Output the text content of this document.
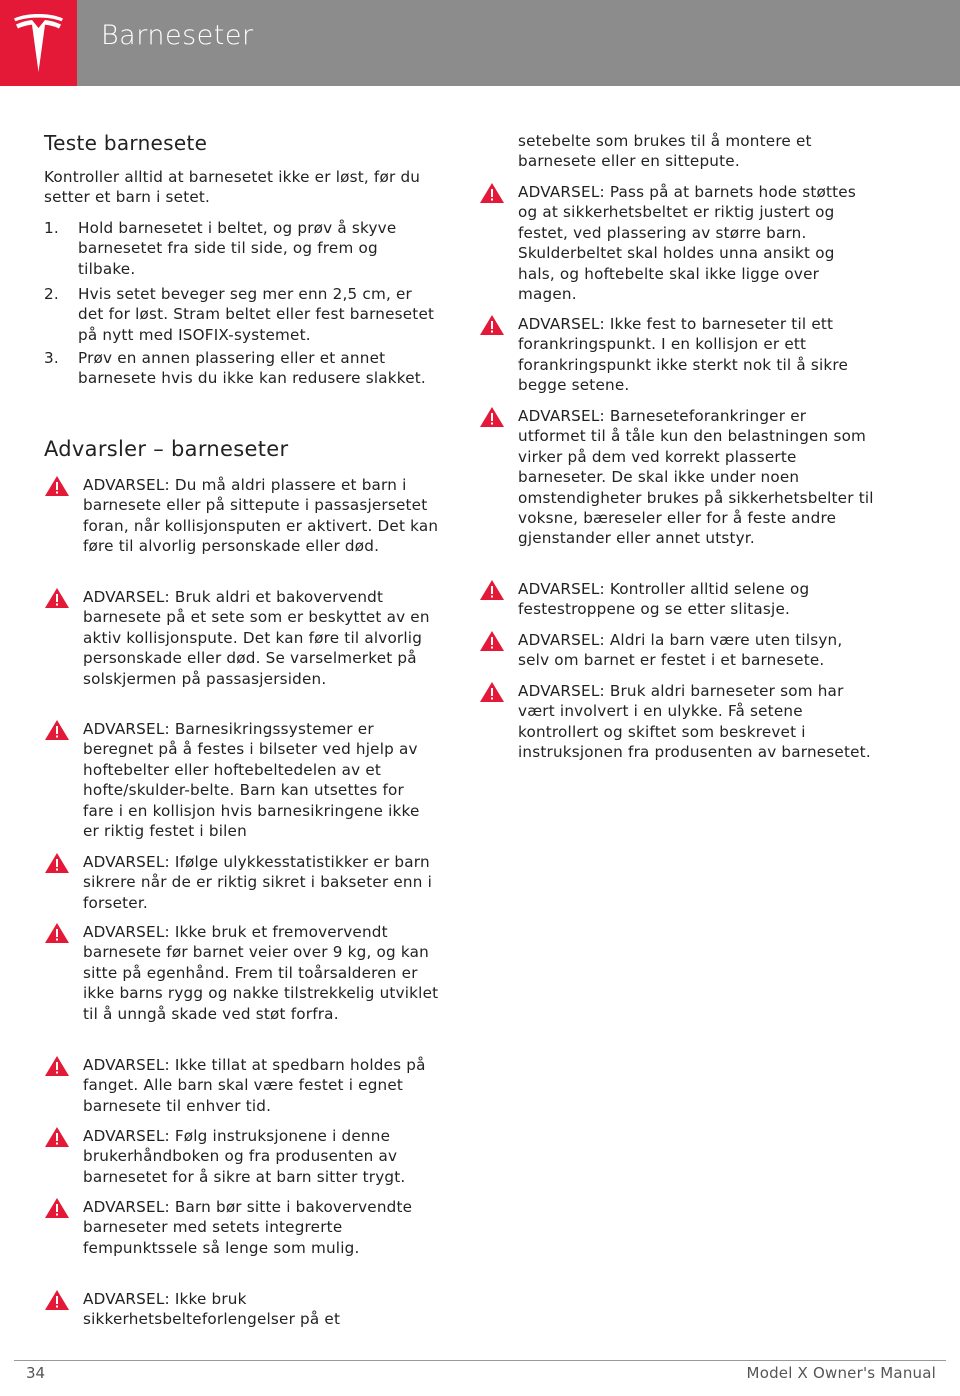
Barneseter
Teste barnesete
Kontroller alltid at barnesetet ikke er løst, før du setter et barn i setet.
1. Hold barnesetet i beltet, og prøv å skyve barnesetet fra side til side, og frem og tilbake.
2. Hvis setet beveger seg mer enn 2,5 cm, er det for løst. Stram beltet eller fest barnesetet på nytt med ISOFIX-systemet.
3. Prøv en annen plassering eller et annet barnesete hvis du ikke kan redusere slakket.
Advarsler – barneseter
ADVARSEL: Du må aldri plassere et barn i barnesete eller på sittepute i passasjersetet foran, når kollisjonsputen er aktivert. Det kan føre til alvorlig personskade eller død.
ADVARSEL: Bruk aldri et bakovervendt barnesete på et sete som er beskyttet av en aktiv kollisjonspute. Det kan føre til alvorlig personskade eller død. Se varselmerket på solskjermen på passasjersiden.
ADVARSEL: Barnesikringssystemer er beregnet på å festes i bilseter ved hjelp av hoftebelter eller hoftebeltedelen av et hofte/skulder-belte. Barn kan utsettes for fare i en kollisjon hvis barnesikringene ikke er riktig festet i bilen
ADVARSEL: Ifølge ulykkesstatistikker er barn sikrere når de er riktig sikret i bakseter enn i forseter.
ADVARSEL: Ikke bruk et fremovervendt barnesete før barnet veier over 9 kg, og kan sitte på egenhånd. Frem til toårsalderen er ikke barns rygg og nakke tilstrekkelig utviklet til å unngå skade ved støt forfra.
ADVARSEL: Ikke tillat at spedbarn holdes på fanget. Alle barn skal være festet i egnet barnesete til enhver tid.
ADVARSEL: Følg instruksjonene i denne brukerhåndboken og fra produsenten av barnesetet for å sikre at barn sitter trygt.
ADVARSEL: Barn bør sitte i bakovervendte barneseter med setets integrerte fempunktssele så lenge som mulig.
ADVARSEL: Ikke bruk sikkerhetsbelteforlengelser på et
setebelte som brukes til å montere et barnesete eller en sittepute.
ADVARSEL: Pass på at barnets hode støttes og at sikkerhetsbeltet er riktig justert og festet, ved plassering av større barn. Skulderbeltet skal holdes unna ansikt og hals, og hoftebelte skal ikke ligge over magen.
ADVARSEL: Ikke fest to barneseter til ett forankringspunkt. I en kollisjon er ett forankringspunkt ikke sterkt nok til å sikre begge setene.
ADVARSEL: Barneseteforankringer er utformet til å tåle kun den belastningen som virker på dem ved korrekt plasserte barneseter. De skal ikke under noen omstendigheter brukes på sikkerhetsbelter til voksne, bæreseler eller for å feste andre gjenstander eller annet utstyr.
ADVARSEL: Kontroller alltid selene og festestroppene og se etter slitasje.
ADVARSEL: Aldri la barn være uten tilsyn, selv om barnet er festet i et barnesete.
ADVARSEL: Bruk aldri barneseter som har vært involvert i en ulykke. Få setene kontrollert og skiftet som beskrevet i instruksjonen fra produsenten av barnesetet.
34	Model X Owner's Manual
